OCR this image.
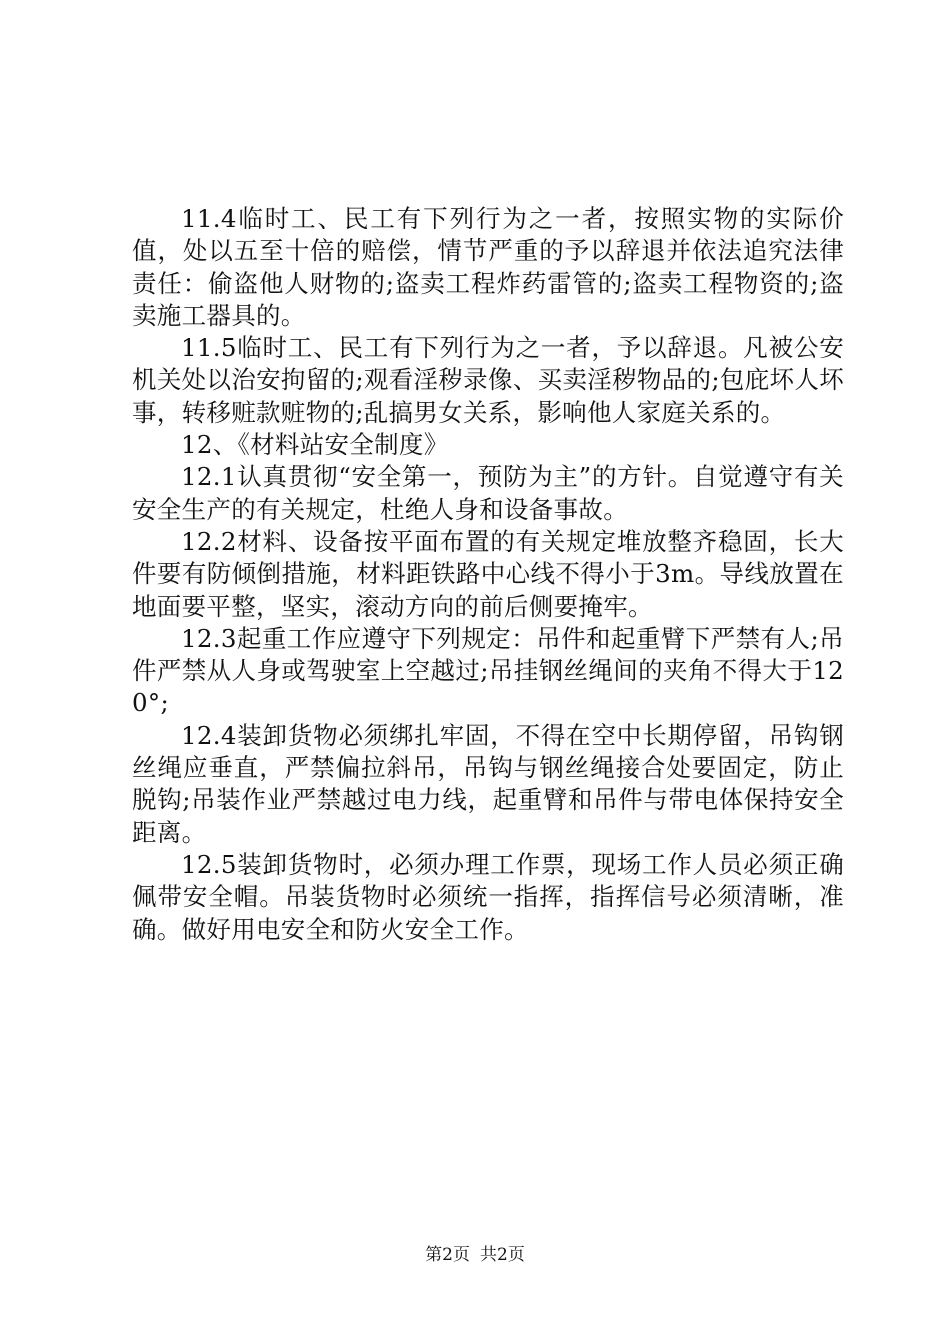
11.4临时工、民工有下列行为之一者，按照实物的实际价值，处以五至十倍的赔偿，情节严重的予以辞退并依法追究法律责任：偷盗他人财物的;盗卖工程炸药雷管的;盗卖工程物资的;盗卖施工器具的。

11.5临时工、民工有下列行为之一者，予以辞退。凡被公安机关处以治安拘留的;观看淫秽录像、买卖淫秽物品的;包庇坏人坏事，转移赃款赃物的;乱搞男女关系，影响他人家庭关系的。

12、《材料站安全制度》

12.1认真贯彻“安全第一，预防为主”的方针。自觉遵守有关安全生产的有关规定，杜绝人身和设备事故。

12.2材料、设备按平面布置的有关规定堆放整齐稳固，长大件要有防倾倒措施，材料距铁路中心线不得小于3m。导线放置在地面要平整，坚实，滚动方向的前后侧要掩牢。

12.3起重工作应遵守下列规定：吊件和起重臂下严禁有人;吊件严禁从人身或驾驶室上空越过;吊挂钢丝绳间的夹角不得大于120°;

12.4装卸货物必须绑扎牢固，不得在空中长期停留，吊钩钢丝绳应垂直，严禁偏拉斜吊，吊钩与钢丝绳接合处要固定，防止脱钩;吊装作业严禁越过电力线，起重臂和吊件与带电体保持安全距离。

12.5装卸货物时，必须办理工作票，现场工作人员必须正确佩带安全帽。吊装货物时必须统一指挥，指挥信号必须清晰，准确。做好用电安全和防火安全工作。

第2页 共2页
